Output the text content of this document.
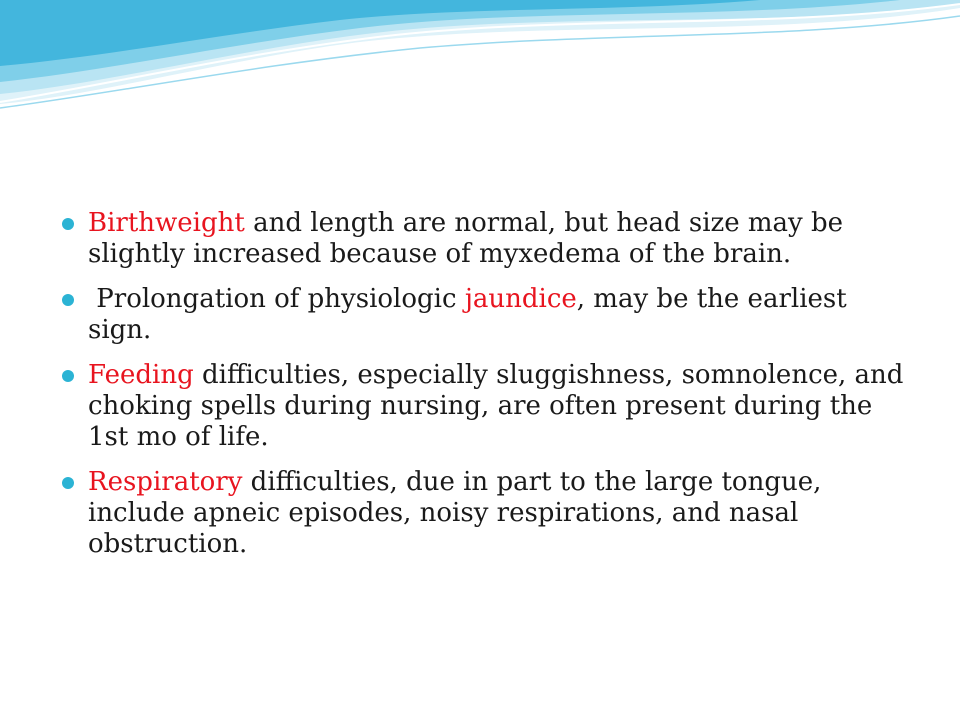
Birthweight and length are normal, but head size may be slightly increased because of myxedema of the brain.
Prolongation of physiologic jaundice, may be the earliest sign.
Feeding difficulties, especially sluggishness, somnolence, and choking spells during nursing, are often present during the 1st mo of life.
Respiratory difficulties, due in part to the large tongue, include apneic episodes, noisy respirations, and nasal obstruction.
